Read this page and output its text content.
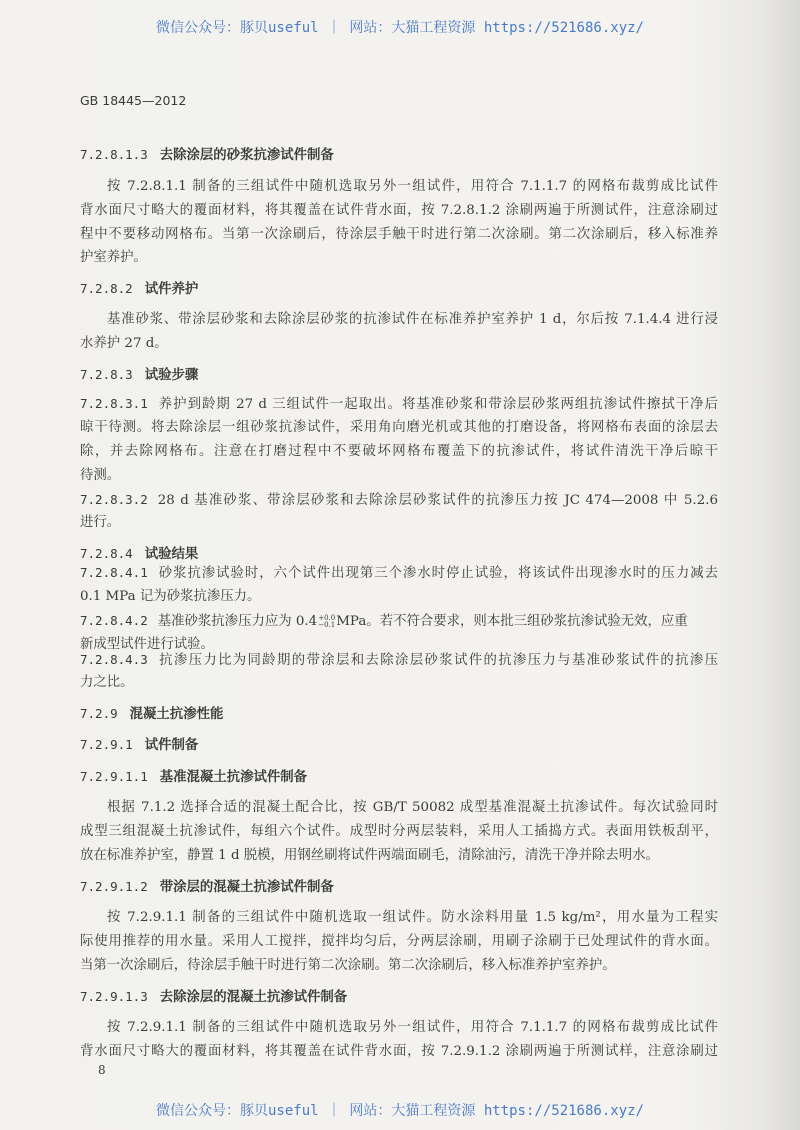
微信公众号：豚贝useful ｜ 网站：大猫工程资源 https://521686.xyz/
GB 18445—2012
7.2.8.1.3 去除涂层的砂浆抗渗试件制备
按 7.2.8.1.1 制备的三组试件中随机选取另外一组试件，用符合 7.1.1.7 的网格布裁剪成比试件
背水面尺寸略大的覆面材料，将其覆盖在试件背水面，按 7.2.8.1.2 涂刷两遍于所测试件，注意涂刷过
程中不要移动网格布。当第一次涂刷后，待涂层手触干时进行第二次涂刷。第二次涂刷后，移入标准养
护室养护。
7.2.8.2 试件养护
基准砂浆、带涂层砂浆和去除涂层砂浆的抗渗试件在标准养护室养护 1 d，尔后按 7.1.4.4 进行浸
水养护 27 d。
7.2.8.3 试验步骤
7.2.8.3.1 养护到龄期 27 d 三组试件一起取出。将基准砂浆和带涂层砂浆两组抗渗试件擦拭干净后
晾干待测。将去除涂层一组砂浆抗渗试件，采用角向磨光机或其他的打磨设备，将网格布表面的涂层去
除，并去除网格布。注意在打磨过程中不要破坏网格布覆盖下的抗渗试件，将试件清洗干净后晾干
待测。
7.2.8.3.2 28 d 基准砂浆、带涂层砂浆和去除涂层砂浆试件的抗渗压力按 JC 474—2008 中 5.2.6
进行。
7.2.8.4 试验结果
7.2.8.4.1 砂浆抗渗试验时，六个试件出现第三个渗水时停止试验，将该试件出现渗水时的压力减去
0.1 MPa 记为砂浆抗渗压力。
7.2.8.4.2 基准砂浆抗渗压力应为 0.4 +0.0
−0.1 MPa。若不符合要求，则本批三组砂浆抗渗试验无效，应重
新成型试件进行试验。
7.2.8.4.3 抗渗压力比为同龄期的带涂层和去除涂层砂浆试件的抗渗压力与基准砂浆试件的抗渗压
力之比。
7.2.9 混凝土抗渗性能
7.2.9.1 试件制备
7.2.9.1.1 基准混凝土抗渗试件制备
根据 7.1.2 选择合适的混凝土配合比，按 GB/T 50082 成型基准混凝土抗渗试件。每次试验同时
成型三组混凝土抗渗试件，每组六个试件。成型时分两层装料，采用人工插捣方式。表面用铁板刮平，
放在标准养护室，静置 1 d 脱模，用钢丝刷将试件两端面刷毛，清除油污，清洗干净并除去明水。
7.2.9.1.2 带涂层的混凝土抗渗试件制备
按 7.2.9.1.1 制备的三组试件中随机选取一组试件。防水涂料用量 1.5 kg/m²，用水量为工程实
际使用推荐的用水量。采用人工搅拌，搅拌均匀后，分两层涂刷，用刷子涂刷于已处理试件的背水面。
当第一次涂刷后，待涂层手触干时进行第二次涂刷。第二次涂刷后，移入标准养护室养护。
7.2.9.1.3 去除涂层的混凝土抗渗试件制备
按 7.2.9.1.1 制备的三组试件中随机选取另外一组试件，用符合 7.1.1.7 的网格布裁剪成比试件
背水面尺寸略大的覆面材料，将其覆盖在试件背水面，按 7.2.9.1.2 涂刷两遍于所测试样，注意涂刷过
8
微信公众号：豚贝useful ｜ 网站：大猫工程资源 https://521686.xyz/
